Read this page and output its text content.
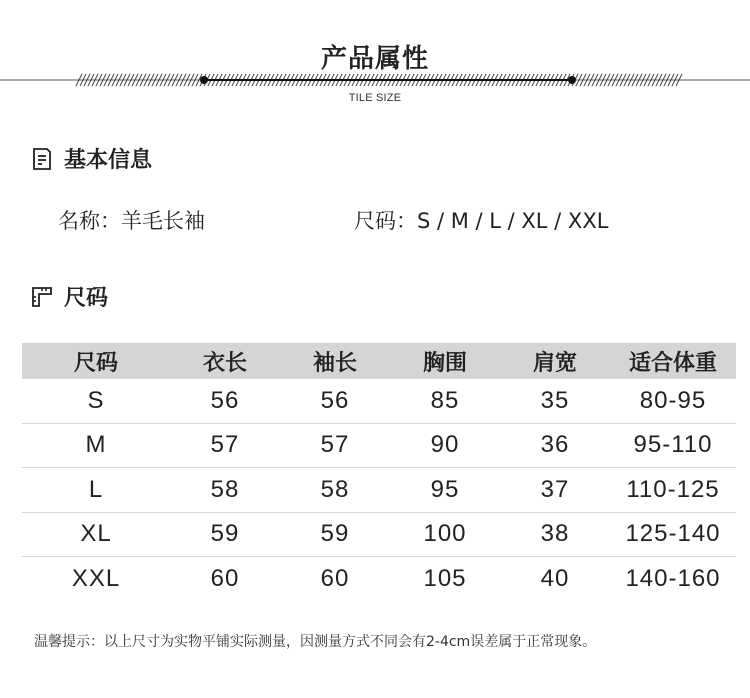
产品属性
TILE SIZE
基本信息
名称：羊毛长袖	尺码：S / M / L / XL / XXL
尺码
尺码	衣长	袖长	胸围	肩宽	适合体重
S	56	56	85	35	80-95
M	57	57	90	36	95-110
L	58	58	95	37	110-125
XL	59	59	100	38	125-140
XXL	60	60	105	40	140-160
温馨提示：以上尺寸为实物平铺实际测量，因测量方式不同会有2-4cm误差属于正常现象。
